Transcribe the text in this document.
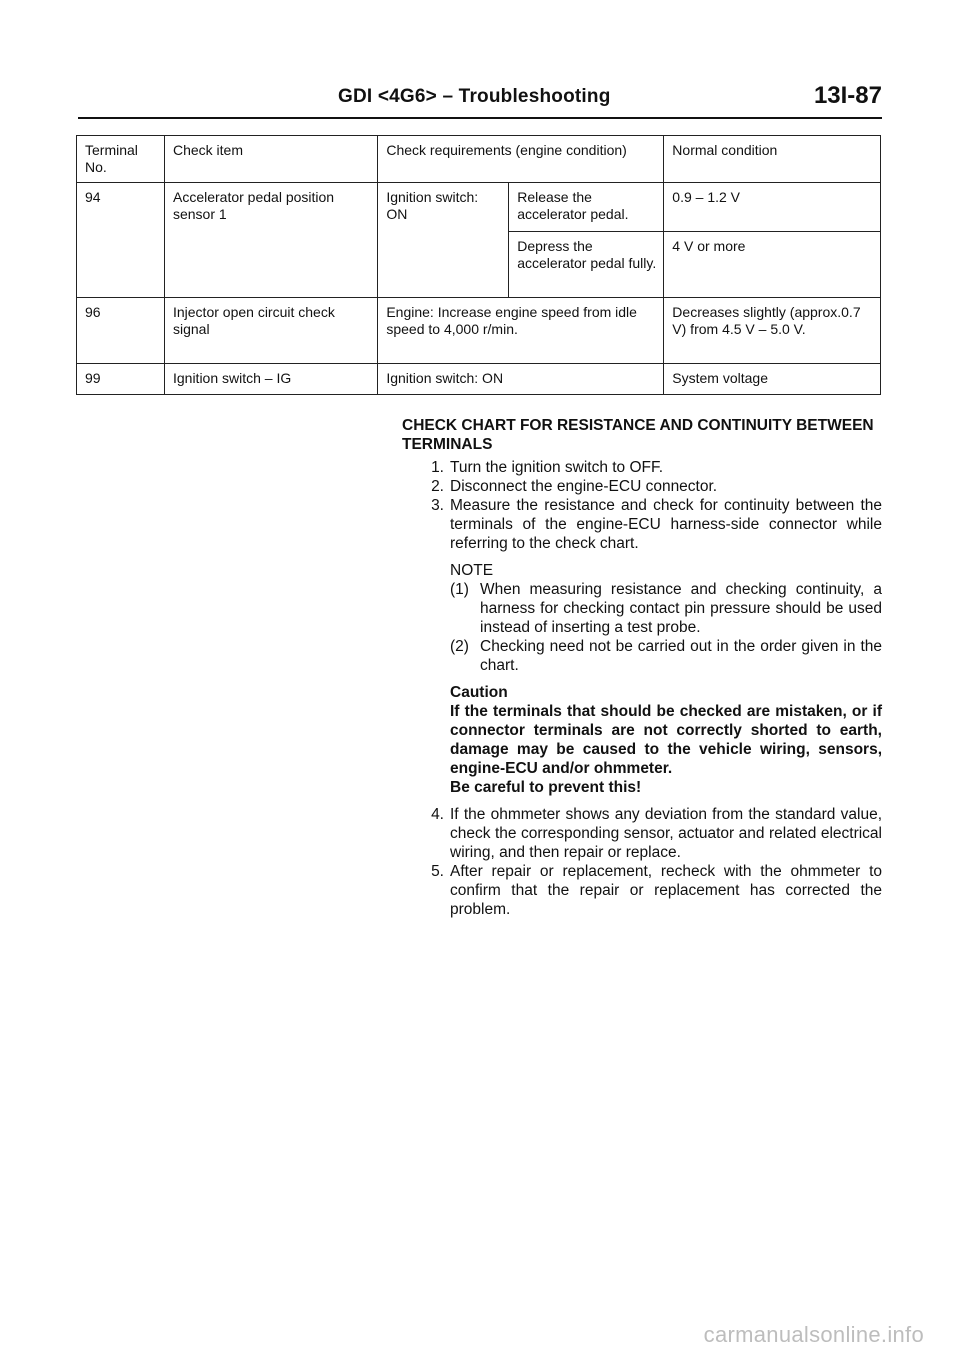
GDI <4G6> – Troubleshooting	13I-87
Terminal No.	Check item	Check requirements (engine condition)		Normal condition
94	Accelerator pedal position sensor 1	Ignition switch: ON	Release the accelerator pedal.	0.9 – 1.2 V
			Depress the accelerator pedal fully.	4 V or more
96	Injector open circuit check signal	Engine: Increase engine speed from idle speed to 4,000 r/min.		Decreases slightly (approx.0.7 V) from 4.5 V – 5.0 V.
99	Ignition switch – IG	Ignition switch: ON		System voltage
CHECK CHART FOR RESISTANCE AND CONTINUITY BETWEEN TERMINALS
1. Turn the ignition switch to OFF.
2. Disconnect the engine-ECU connector.
3. Measure the resistance and check for continuity between the terminals of the engine-ECU harness-side connector while referring to the check chart.
NOTE
(1) When measuring resistance and checking continuity, a harness for checking contact pin pressure should be used instead of inserting a test probe.
(2) Checking need not be carried out in the order given in the chart.
Caution
If the terminals that should be checked are mistaken, or if connector terminals are not correctly shorted to earth, damage may be caused to the vehicle wiring, sensors, engine-ECU and/or ohmmeter.
Be careful to prevent this!
4. If the ohmmeter shows any deviation from the standard value, check the corresponding sensor, actuator and related electrical wiring, and then repair or replace.
5. After repair or replacement, recheck with the ohmmeter to confirm that the repair or replacement has corrected the problem.
carmanualsonline.info
